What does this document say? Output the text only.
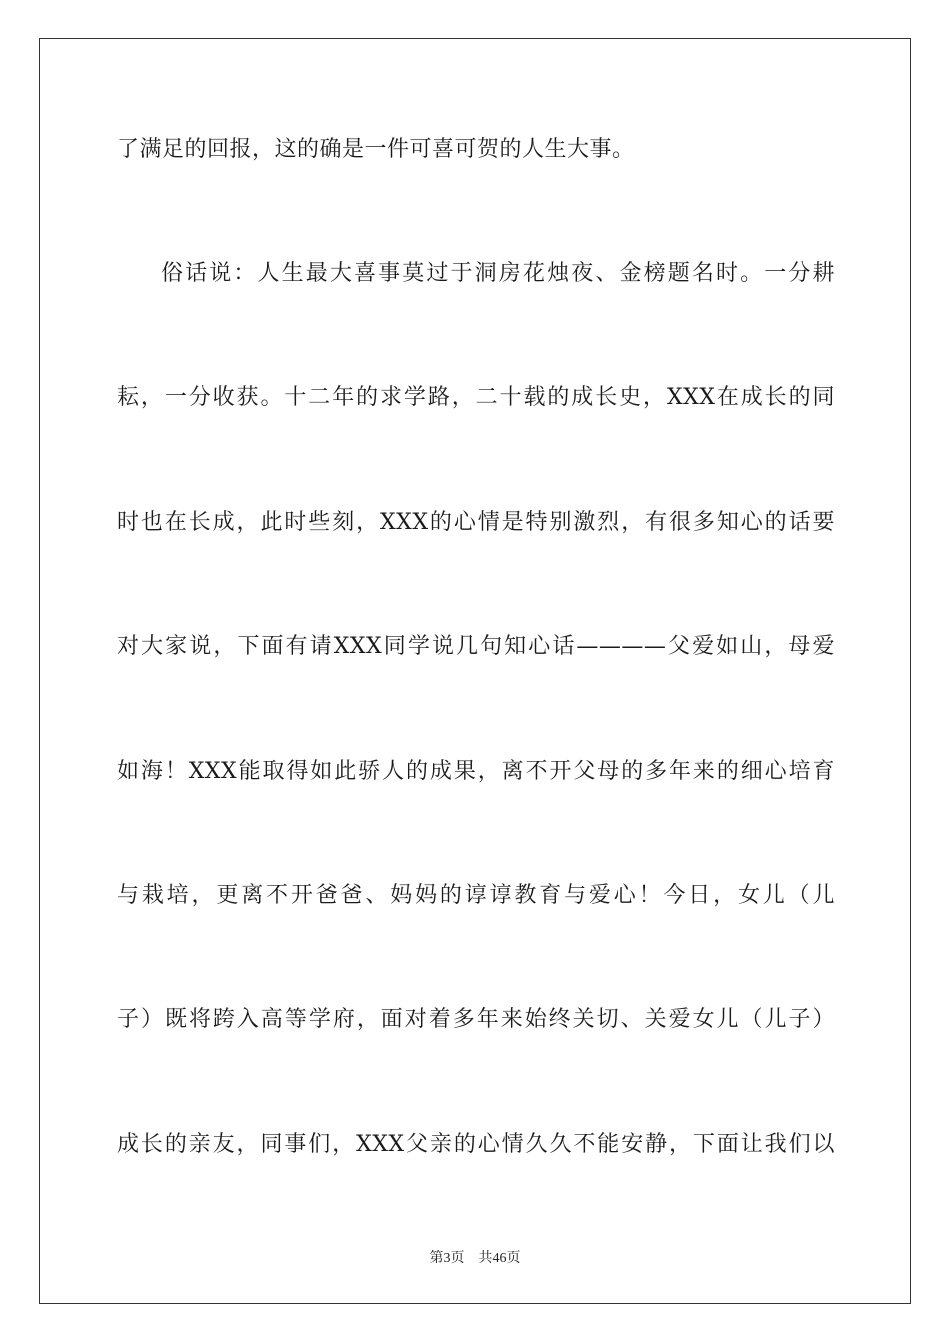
了满足的回报，这的确是一件可喜可贺的人生大事。
俗话说：人生最大喜事莫过于洞房花烛夜、金榜题名时。一分耕
耘，一分收获。十二年的求学路，二十载的成长史，XXX在成长的同
时也在长成，此时些刻，XXX的心情是特别激烈，有很多知心的话要
对大家说，下面有请XXX同学说几句知心话————父爱如山，母爱
如海！XXX能取得如此骄人的成果，离不开父母的多年来的细心培育
与栽培，更离不开爸爸、妈妈的谆谆教育与爱心！今日，女儿（儿
子）既将跨入高等学府，面对着多年来始终关切、关爱女儿（儿子）
成长的亲友，同事们，XXX父亲的心情久久不能安静，下面让我们以
第3页 共46页
